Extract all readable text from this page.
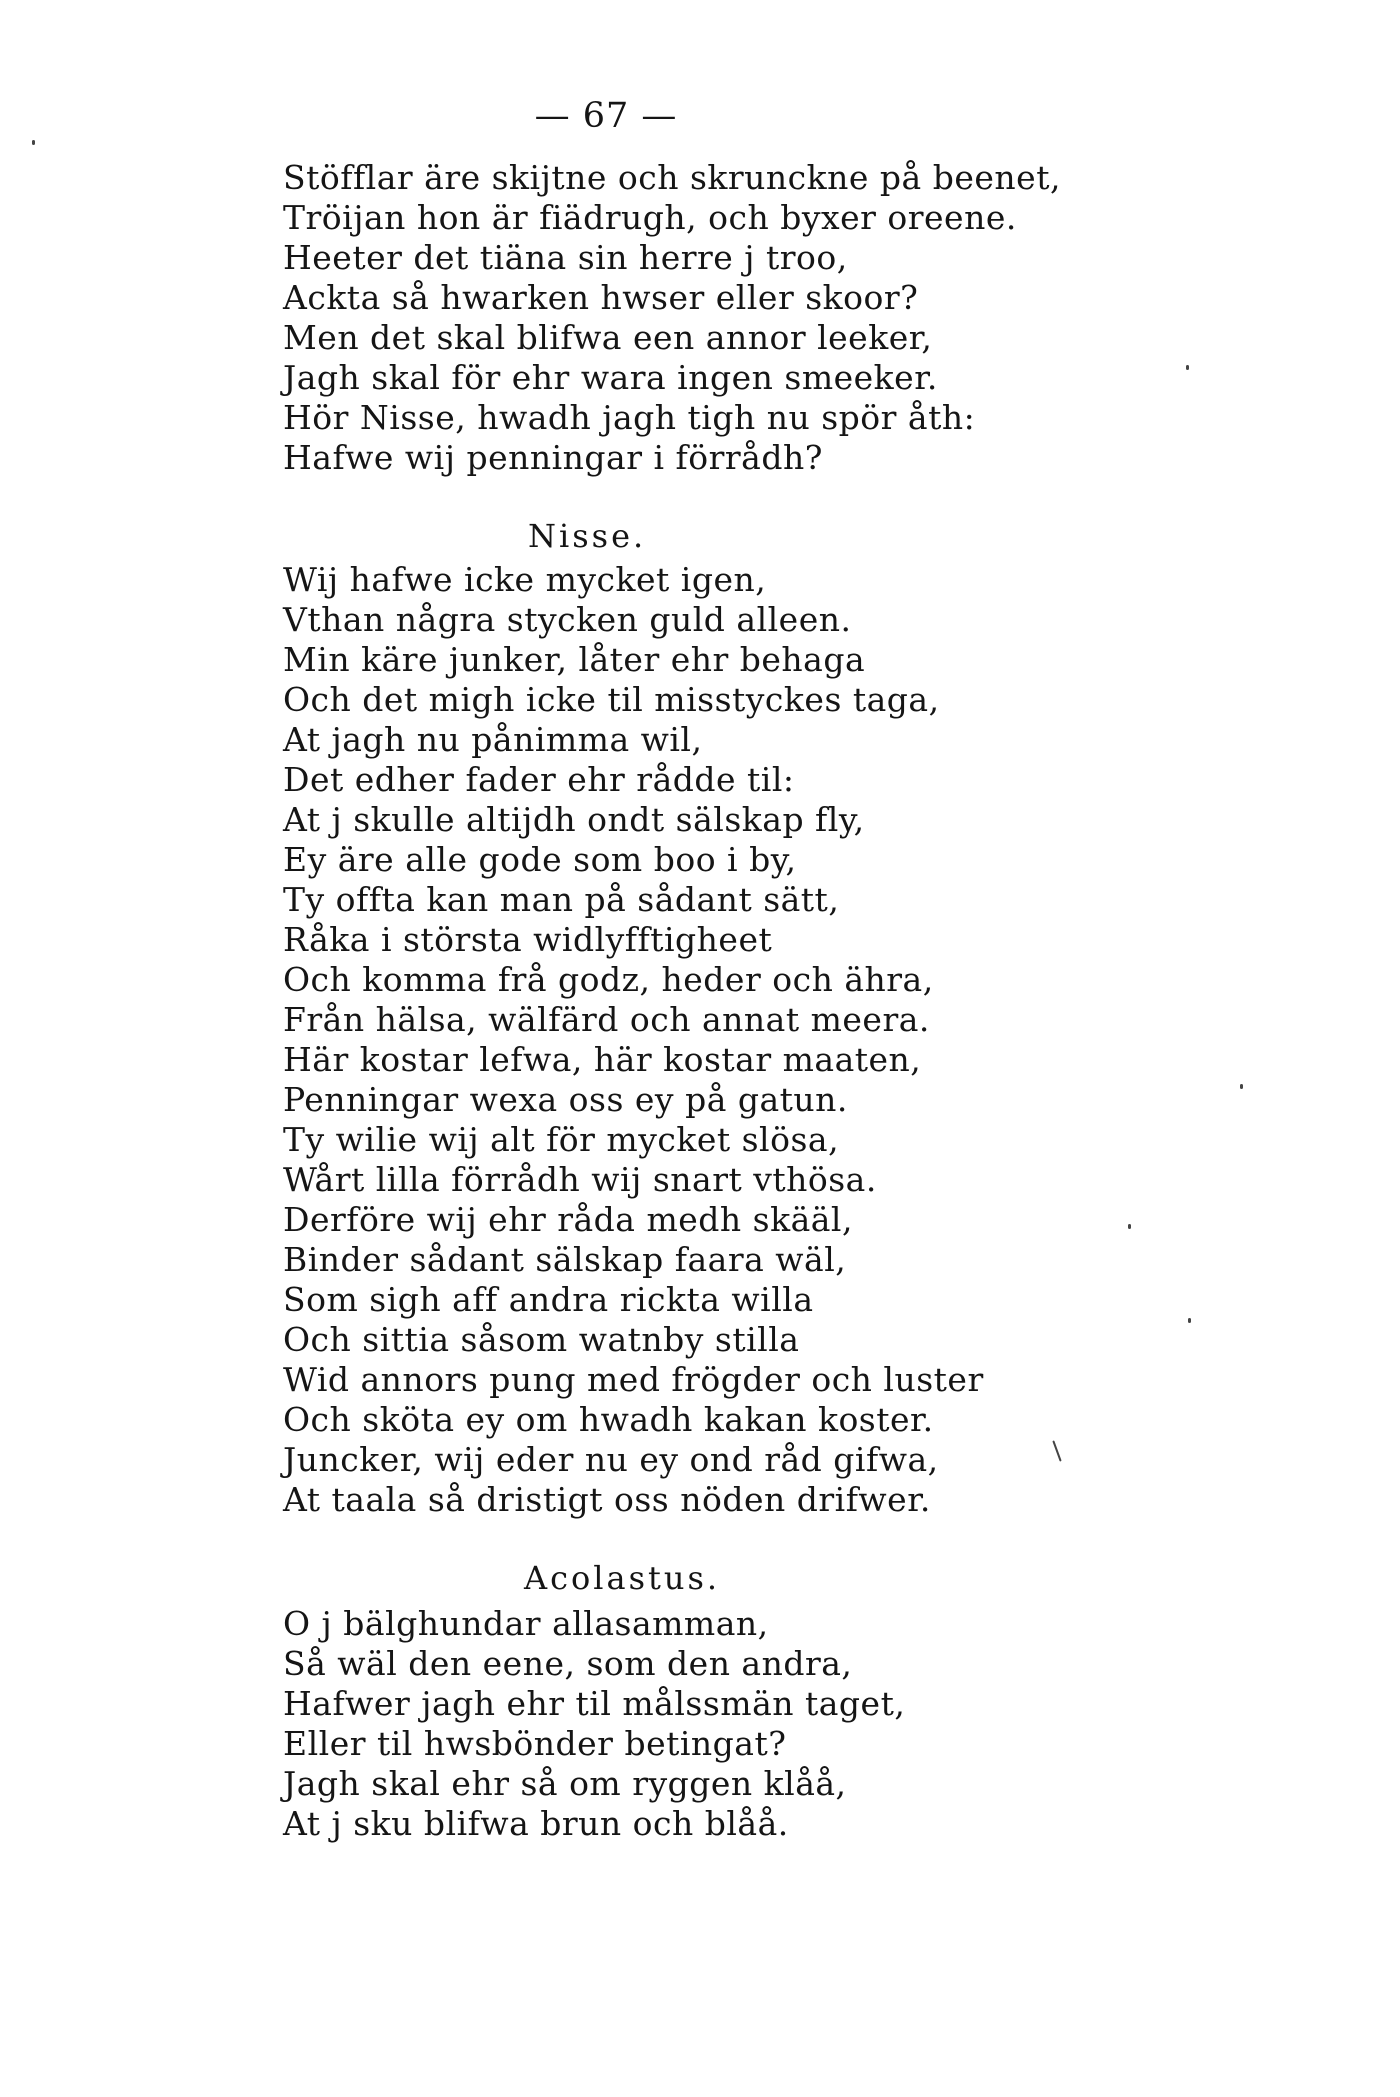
— 67 —
Stöfflar äre skijtne och skrunckne på beenet,
Tröijan hon är fiädrugh, och byxer oreene.
Heeter det tiäna sin herre j troo,
Ackta så hwarken hwser eller skoor?
Men det skal blifwa een annor leeker,
Jagh skal för ehr wara ingen smeeker.
Hör Nisse, hwadh jagh tigh nu spör åth:
Hafwe wij penningar i förrådh?
Nisse.
Wij hafwe icke mycket igen,
Vthan några stycken guld alleen.
Min käre junker, låter ehr behaga
Och det migh icke til misstyckes taga,
At jagh nu pånimma wil,
Det edher fader ehr rådde til:
At j skulle altijdh ondt sälskap fly,
Ey äre alle gode som boo i by,
Ty offta kan man på sådant sätt,
Råka i största widlyfftigheet
Och komma frå godz, heder och ähra,
Från hälsa, wälfärd och annat meera.
Här kostar lefwa, här kostar maaten,
Penningar wexa oss ey på gatun.
Ty wilie wij alt för mycket slösa,
Wårt lilla förrådh wij snart vthösa.
Derföre wij ehr råda medh skääl,
Binder sådant sälskap faara wäl,
Som sigh aff andra rickta willa
Och sittia såsom watnby stilla
Wid annors pung med frögder och luster
Och sköta ey om hwadh kakan koster.
Juncker, wij eder nu ey ond råd gifwa,
At taala så dristigt oss nöden drifwer.
Acolastus.
O j bälghundar allasamman,
Så wäl den eene, som den andra,
Hafwer jagh ehr til målssmän taget,
Eller til hwsbönder betingat?
Jagh skal ehr så om ryggen klåå,
At j sku blifwa brun och blåå.
